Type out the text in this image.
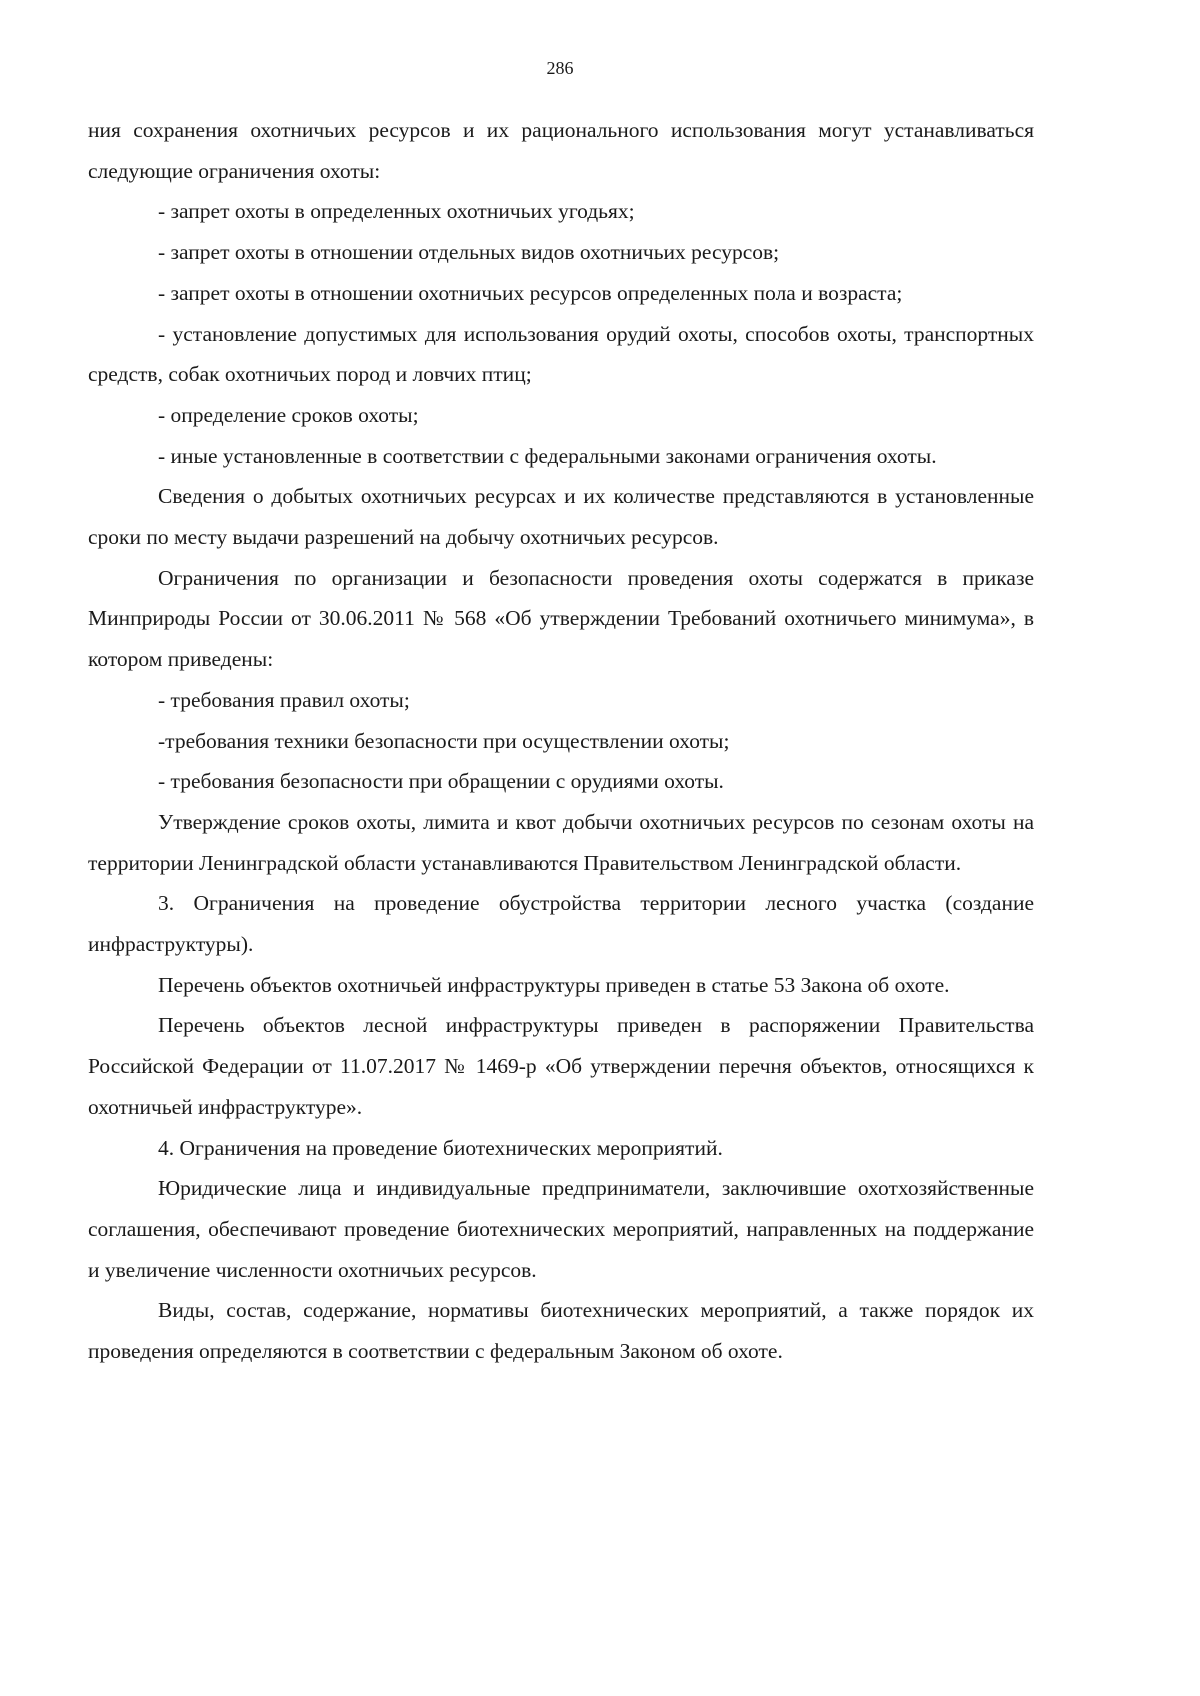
286

ния сохранения охотничьих ресурсов и их рационального использования могут устанавливаться следующие ограничения охоты:

- запрет охоты в определенных охотничьих угодьях;

- запрет охоты в отношении отдельных видов охотничьих ресурсов;

- запрет охоты в отношении охотничьих ресурсов определенных пола и возраста;

- установление допустимых для использования орудий охоты, способов охоты, транспортных средств, собак охотничьих пород и ловчих птиц;

- определение сроков охоты;

- иные установленные в соответствии с федеральными законами ограничения охоты.

Сведения о добытых охотничьих ресурсах и их количестве представляются в установленные сроки по месту выдачи разрешений на добычу охотничьих ресурсов.

Ограничения по организации и безопасности проведения охоты содержатся в приказе Минприроды России от 30.06.2011 № 568 «Об утверждении Требований охотничьего минимума», в котором приведены:

- требования правил охоты;

-требования техники безопасности при осуществлении охоты;

- требования безопасности при обращении с орудиями охоты.

Утверждение сроков охоты, лимита и квот добычи охотничьих ресурсов по сезонам охоты на территории Ленинградской области устанавливаются Правительством Ленинградской области.

3. Ограничения на проведение обустройства территории лесного участка (создание инфраструктуры).

Перечень объектов охотничьей инфраструктуры приведен в статье 53 Закона об охоте.

Перечень объектов лесной инфраструктуры приведен в распоряжении Правительства Российской Федерации от 11.07.2017 № 1469-р «Об утверждении перечня объектов, относящихся к охотничьей инфраструктуре».

4. Ограничения на проведение биотехнических мероприятий.

Юридические лица и индивидуальные предприниматели, заключившие охотхозяйственные соглашения, обеспечивают проведение биотехнических мероприятий, направленных на поддержание и увеличение численности охотничьих ресурсов.

Виды, состав, содержание, нормативы биотехнических мероприятий, а также порядок их проведения определяются в соответствии с федеральным Законом об охоте.
